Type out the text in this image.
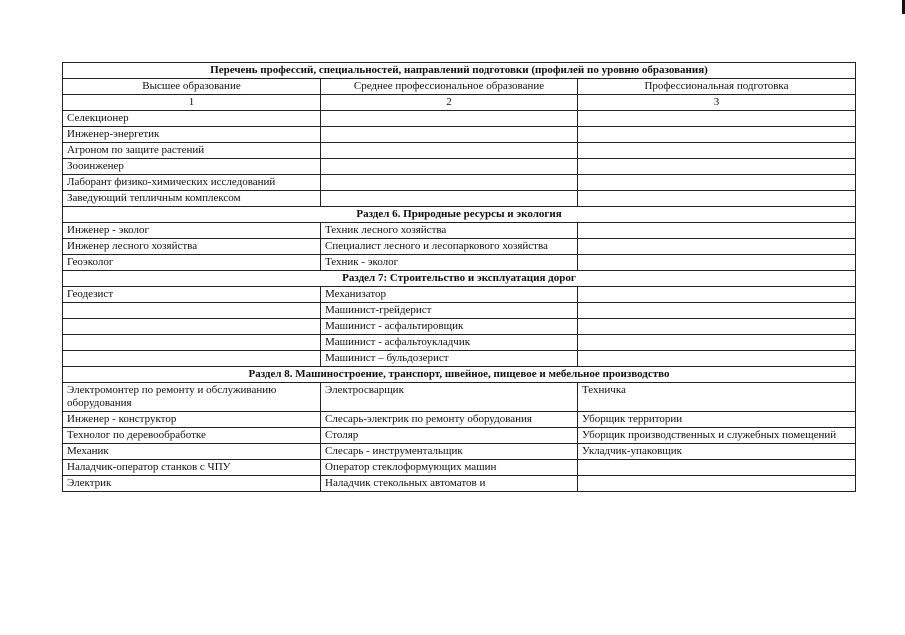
Перечень профессий, специальностей, направлений подготовки (профилей по уровню образования)		
Высшее образование	Среднее профессиональное образование	Профессиональная подготовка
1	2	3
Селекционер		
Инженер-энергетик		
Агроном по защите растений		
Зооинженер		
Лаборант физико-химических исследований		
Заведующий тепличным комплексом		
Раздел 6. Природные ресурсы и экология		
Инженер - эколог	Техник лесного хозяйства	
Инженер лесного хозяйства	Специалист лесного и лесопаркового хозяйства	
Геоэколог	Техник - эколог	
Раздел 7: Строительство и эксплуатация дорог		
Геодезист	Механизатор	
	Машинист-грейдерист	
	Машинист - асфальтировщик	
	Машинист - асфальтоукладчик	
	Машинист – бульдозерист	
Раздел 8. Машиностроение, транспорт, швейное, пищевое и мебельное производство		
Электромонтер по ремонту и обслуживанию оборудования	Электросварщик	Техничка
Инженер - конструктор	Слесарь-электрик по ремонту оборудования	Уборщик территории
Технолог по деревообработке	Столяр	Уборщик производственных и служебных помещений
Механик	Слесарь - инструментальщик	Укладчик-упаковщик
Наладчик-оператор станков с ЧПУ	Оператор стеклоформующих машин	
Электрик	Наладчик стекольных автоматов и	
